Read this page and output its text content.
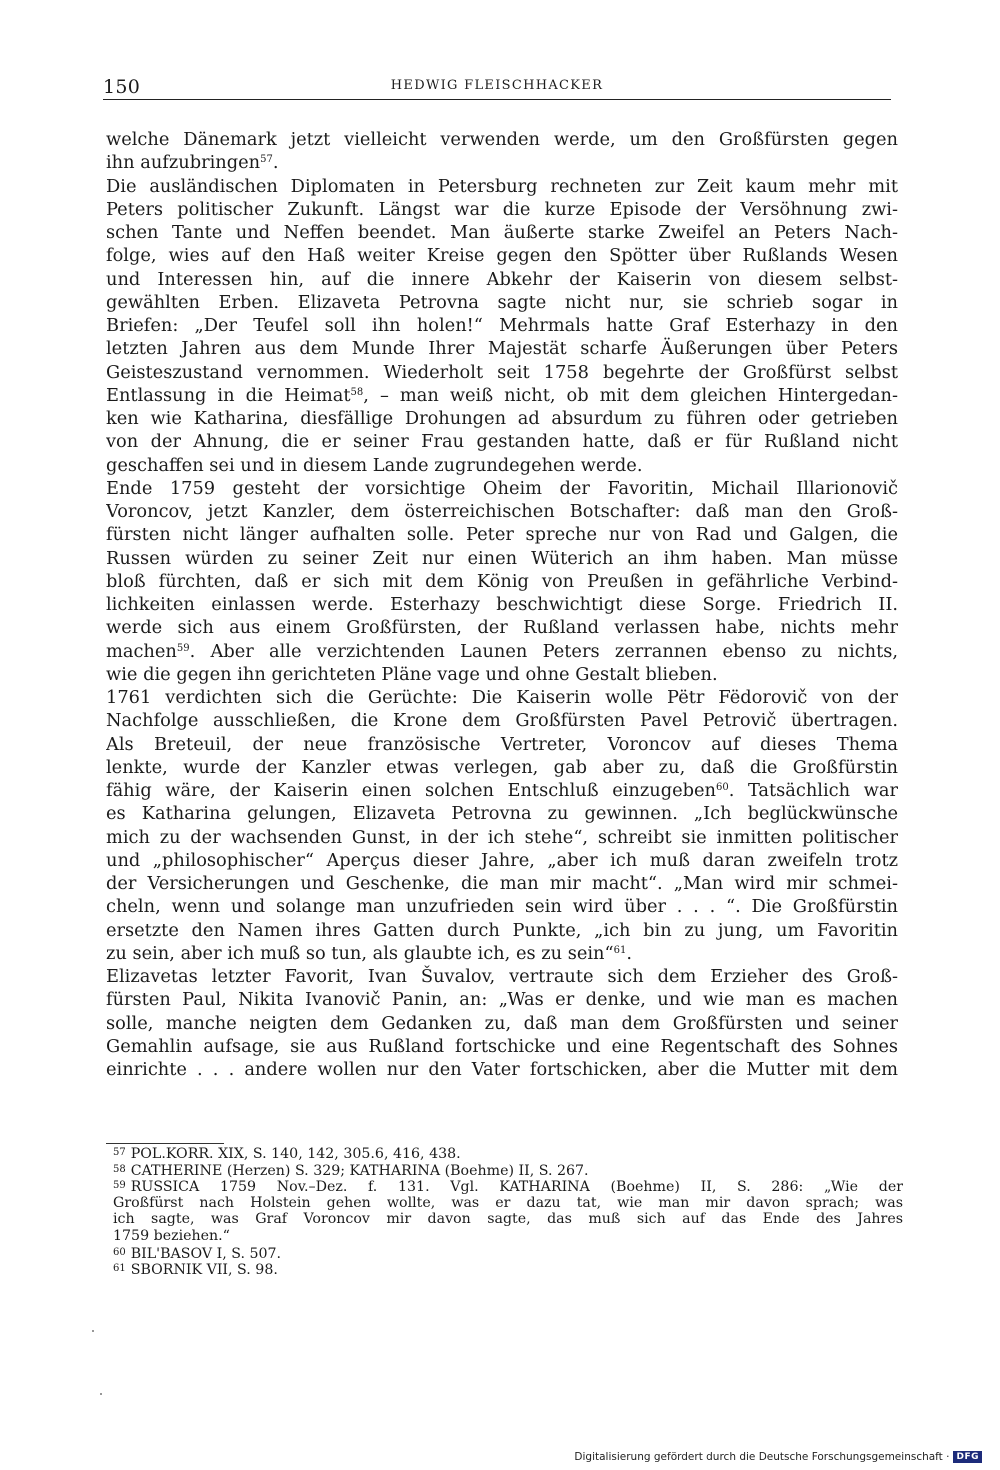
150	HEDWIG FLEISCHHACKER
welche Dänemark jetzt vielleicht verwenden werde, um den Großfürsten gegen
ihn aufzubringen$^{57}$.
Die ausländischen Diplomaten in Petersburg rechneten zur Zeit kaum mehr mit
Peters politischer Zukunft. Längst war die kurze Episode der Versöhnung zwi-
schen Tante und Neffen beendet. Man äußerte starke Zweifel an Peters Nach-
folge, wies auf den Haß weiter Kreise gegen den Spötter über Rußlands Wesen
und Interessen hin, auf die innere Abkehr der Kaiserin von diesem selbst-
gewählten Erben. Elizaveta Petrovna sagte nicht nur, sie schrieb sogar in
Briefen: „Der Teufel soll ihn holen!“ Mehrmals hatte Graf Esterhazy in den
letzten Jahren aus dem Munde Ihrer Majestät scharfe Äußerungen über Peters
Geisteszustand vernommen. Wiederholt seit 1758 begehrte der Großfürst selbst
Entlassung in die Heimat$^{58}$, – man weiß nicht, ob mit dem gleichen Hintergedan-
ken wie Katharina, diesfällige Drohungen ad absurdum zu führen oder getrieben
von der Ahnung, die er seiner Frau gestanden hatte, daß er für Rußland nicht
geschaffen sei und in diesem Lande zugrundegehen werde.
Ende 1759 gesteht der vorsichtige Oheim der Favoritin, Michail Illarionovič
Voroncov, jetzt Kanzler, dem österreichischen Botschafter: daß man den Groß-
fürsten nicht länger aufhalten solle. Peter spreche nur von Rad und Galgen, die
Russen würden zu seiner Zeit nur einen Wüterich an ihm haben. Man müsse
bloß fürchten, daß er sich mit dem König von Preußen in gefährliche Verbind-
lichkeiten einlassen werde. Esterhazy beschwichtigt diese Sorge. Friedrich II.
werde sich aus einem Großfürsten, der Rußland verlassen habe, nichts mehr
machen$^{59}$. Aber alle verzichtenden Launen Peters zerrannen ebenso zu nichts,
wie die gegen ihn gerichteten Pläne vage und ohne Gestalt blieben.
1761 verdichten sich die Gerüchte: Die Kaiserin wolle Pëtr Fëdorovič von der
Nachfolge ausschließen, die Krone dem Großfürsten Pavel Petrovič übertragen.
Als Breteuil, der neue französische Vertreter, Voroncov auf dieses Thema
lenkte, wurde der Kanzler etwas verlegen, gab aber zu, daß die Großfürstin
fähig wäre, der Kaiserin einen solchen Entschluß einzugeben$^{60}$. Tatsächlich war
es Katharina gelungen, Elizaveta Petrovna zu gewinnen. „Ich beglückwünsche
mich zu der wachsenden Gunst, in der ich stehe“, schreibt sie inmitten politischer
und „philosophischer“ Aperçus dieser Jahre, „aber ich muß daran zweifeln trotz
der Versicherungen und Geschenke, die man mir macht“. „Man wird mir schmei-
cheln, wenn und solange man unzufrieden sein wird über . . . “. Die Großfürstin
ersetzte den Namen ihres Gatten durch Punkte, „ich bin zu jung, um Favoritin
zu sein, aber ich muß so tun, als glaubte ich, es zu sein“$^{61}$.
Elizavetas letzter Favorit, Ivan Šuvalov, vertraute sich dem Erzieher des Groß-
fürsten Paul, Nikita Ivanovič Panin, an: „Was er denke, und wie man es machen
solle, manche neigten dem Gedanken zu, daß man dem Großfürsten und seiner
Gemahlin aufsage, sie aus Rußland fortschicke und eine Regentschaft des Sohnes
einrichte . . . andere wollen nur den Vater fortschicken, aber die Mutter mit dem
$^{57}$ POL.KORR. XIX, S. 140, 142, 305.6, 416, 438.
$^{58}$ CATHERINE (Herzen) S. 329; KATHARINA (Boehme) II, S. 267.
$^{59}$ RUSSICA 1759 Nov.–Dez. f. 131. Vgl. KATHARINA (Boehme) II, S. 286: „Wie der
Großfürst nach Holstein gehen wollte, was er dazu tat, wie man mir davon sprach; was
ich sagte, was Graf Voroncov mir davon sagte, das muß sich auf das Ende des Jahres
1759 beziehen.“
$^{60}$ BIL'BASOV I, S. 507.
$^{61}$ SBORNIK VII, S. 98.
Digitalisierung gefördert durch die Deutsche Forschungsgemeinschaft · DFG
